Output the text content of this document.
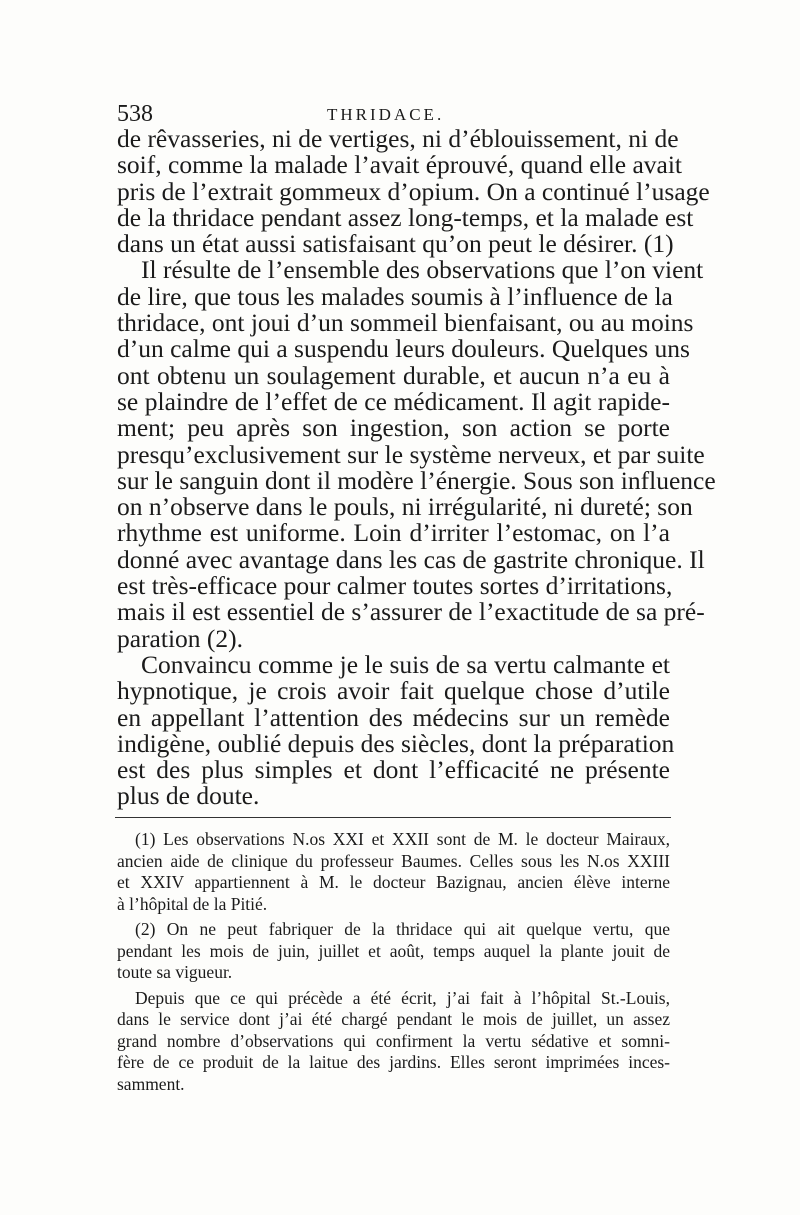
538	THRIDACE.
de rêvasseries, ni de vertiges, ni d’éblouissement, ni de
soif, comme la malade l’avait éprouvé, quand elle avait
pris de l’extrait gommeux d’opium. On a continué l’usage
de la thridace pendant assez long-temps, et la malade est
dans un état aussi satisfaisant qu’on peut le désirer. (1)
Il résulte de l’ensemble des observations que l’on vient
de lire, que tous les malades soumis à l’influence de la
thridace, ont joui d’un sommeil bienfaisant, ou au moins
d’un calme qui a suspendu leurs douleurs. Quelques uns
ont obtenu un soulagement durable, et aucun n’a eu à
se plaindre de l’effet de ce médicament. Il agit rapide-
ment; peu après son ingestion, son action se porte
presqu’exclusivement sur le système nerveux, et par suite
sur le sanguin dont il modère l’énergie. Sous son influence
on n’observe dans le pouls, ni irrégularité, ni dureté; son
rhythme est uniforme. Loin d’irriter l’estomac, on l’a
donné avec avantage dans les cas de gastrite chronique. Il
est très-efficace pour calmer toutes sortes d’irritations,
mais il est essentiel de s’assurer de l’exactitude de sa pré-
paration (2).
Convaincu comme je le suis de sa vertu calmante et
hypnotique, je crois avoir fait quelque chose d’utile
en appellant l’attention des médecins sur un remède
indigène, oublié depuis des siècles, dont la préparation
est des plus simples et dont l’efficacité ne présente
plus de doute.
(1) Les observations N.os XXI et XXII sont de M. le docteur Mairaux,
ancien aide de clinique du professeur Baumes. Celles sous les N.os XXIII
et XXIV appartiennent à M. le docteur Bazignau, ancien élève interne
à l’hôpital de la Pitié.
(2) On ne peut fabriquer de la thridace qui ait quelque vertu, que
pendant les mois de juin, juillet et août, temps auquel la plante jouit de
toute sa vigueur.
Depuis que ce qui précède a été écrit, j’ai fait à l’hôpital St.-Louis,
dans le service dont j’ai été chargé pendant le mois de juillet, un assez
grand nombre d’observations qui confirment la vertu sédative et somni-
fère de ce produit de la laitue des jardins. Elles seront imprimées inces-
samment.
